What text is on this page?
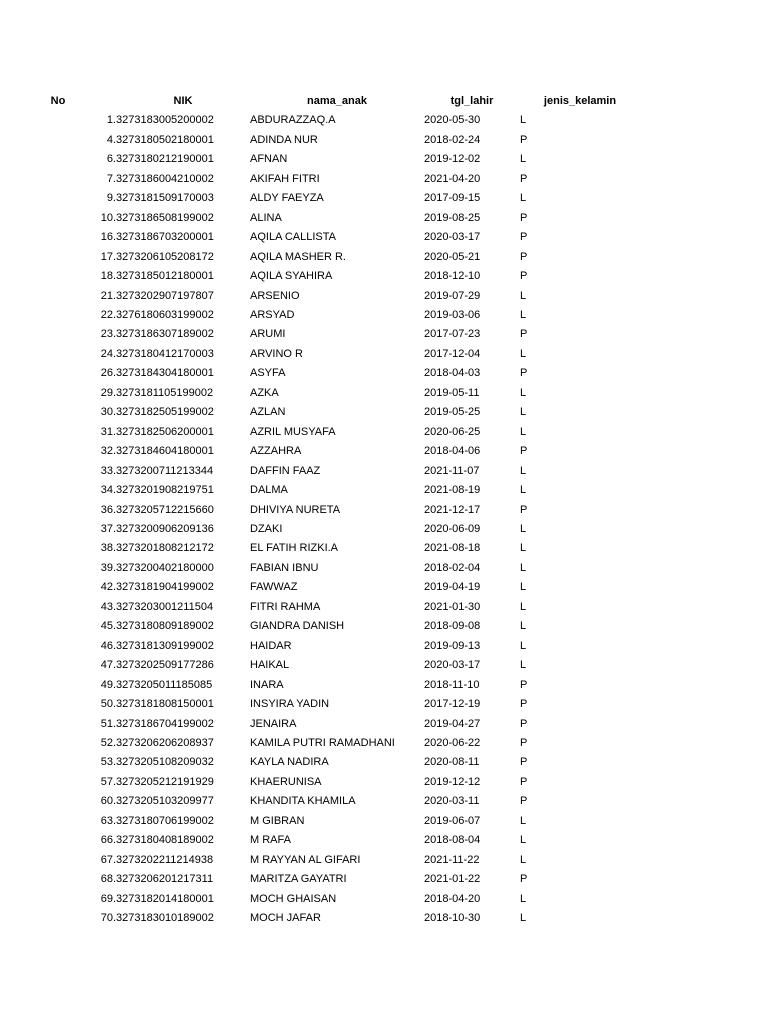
No	NIK	nama_anak	tgl_lahir	jenis_kelamin
1.	3273183005200002	ABDURAZZAQ.A	2020-05-30	L
4.	3273180502180001	ADINDA NUR	2018-02-24	P
6.	3273180212190001	AFNAN	2019-12-02	L
7.	3273186004210002	AKIFAH FITRI	2021-04-20	P
9.	3273181509170003	ALDY FAEYZA	2017-09-15	L
10.	3273186508199002	ALINA	2019-08-25	P
16.	3273186703200001	AQILA CALLISTA	2020-03-17	P
17.	3273206105208172	AQILA MASHER R.	2020-05-21	P
18.	3273185012180001	AQILA SYAHIRA	2018-12-10	P
21.	3273202907197807	ARSENIO	2019-07-29	L
22.	3276180603199002	ARSYAD	2019-03-06	L
23.	3273186307189002	ARUMI	2017-07-23	P
24.	3273180412170003	ARVINO R	2017-12-04	L
26.	3273184304180001	ASYFA	2018-04-03	P
29.	3273181105199002	AZKA	2019-05-11	L
30.	3273182505199002	AZLAN	2019-05-25	L
31.	3273182506200001	AZRIL MUSYAFA	2020-06-25	L
32.	3273184604180001	AZZAHRA	2018-04-06	P
33.	3273200711213344	DAFFIN FAAZ	2021-11-07	L
34.	3273201908219751	DALMA	2021-08-19	L
36.	3273205712215660	DHIVIYA NURETA	2021-12-17	P
37.	3273200906209136	DZAKI	2020-06-09	L
38.	3273201808212172	EL FATIH RIZKI.A	2021-08-18	L
39.	3273200402180000	FABIAN IBNU	2018-02-04	L
42.	3273181904199002	FAWWAZ	2019-04-19	L
43.	3273203001211504	FITRI RAHMA	2021-01-30	L
45.	3273180809189002	GIANDRA DANISH	2018-09-08	L
46.	3273181309199002	HAIDAR	2019-09-13	L
47.	3273202509177286	HAIKAL	2020-03-17	L
49.	3273205011185085	INARA	2018-11-10	P
50.	3273181808150001	INSYIRA YADIN	2017-12-19	P
51.	3273186704199002	JENAIRA	2019-04-27	P
52.	3273206206208937	KAMILA PUTRI RAMADHANI	2020-06-22	P
53.	3273205108209032	KAYLA NADIRA	2020-08-11	P
57.	3273205212191929	KHAERUNISA	2019-12-12	P
60.	3273205103209977	KHANDITA KHAMILA	2020-03-11	P
63.	3273180706199002	M GIBRAN	2019-06-07	L
66.	3273180408189002	M RAFA	2018-08-04	L
67.	3273202211214938	M RAYYAN AL GIFARI	2021-11-22	L
68.	3273206201217311	MARITZA GAYATRI	2021-01-22	P
69.	3273182014180001	MOCH GHAISAN	2018-04-20	L
70.	3273183010189002	MOCH JAFAR	2018-10-30	L
